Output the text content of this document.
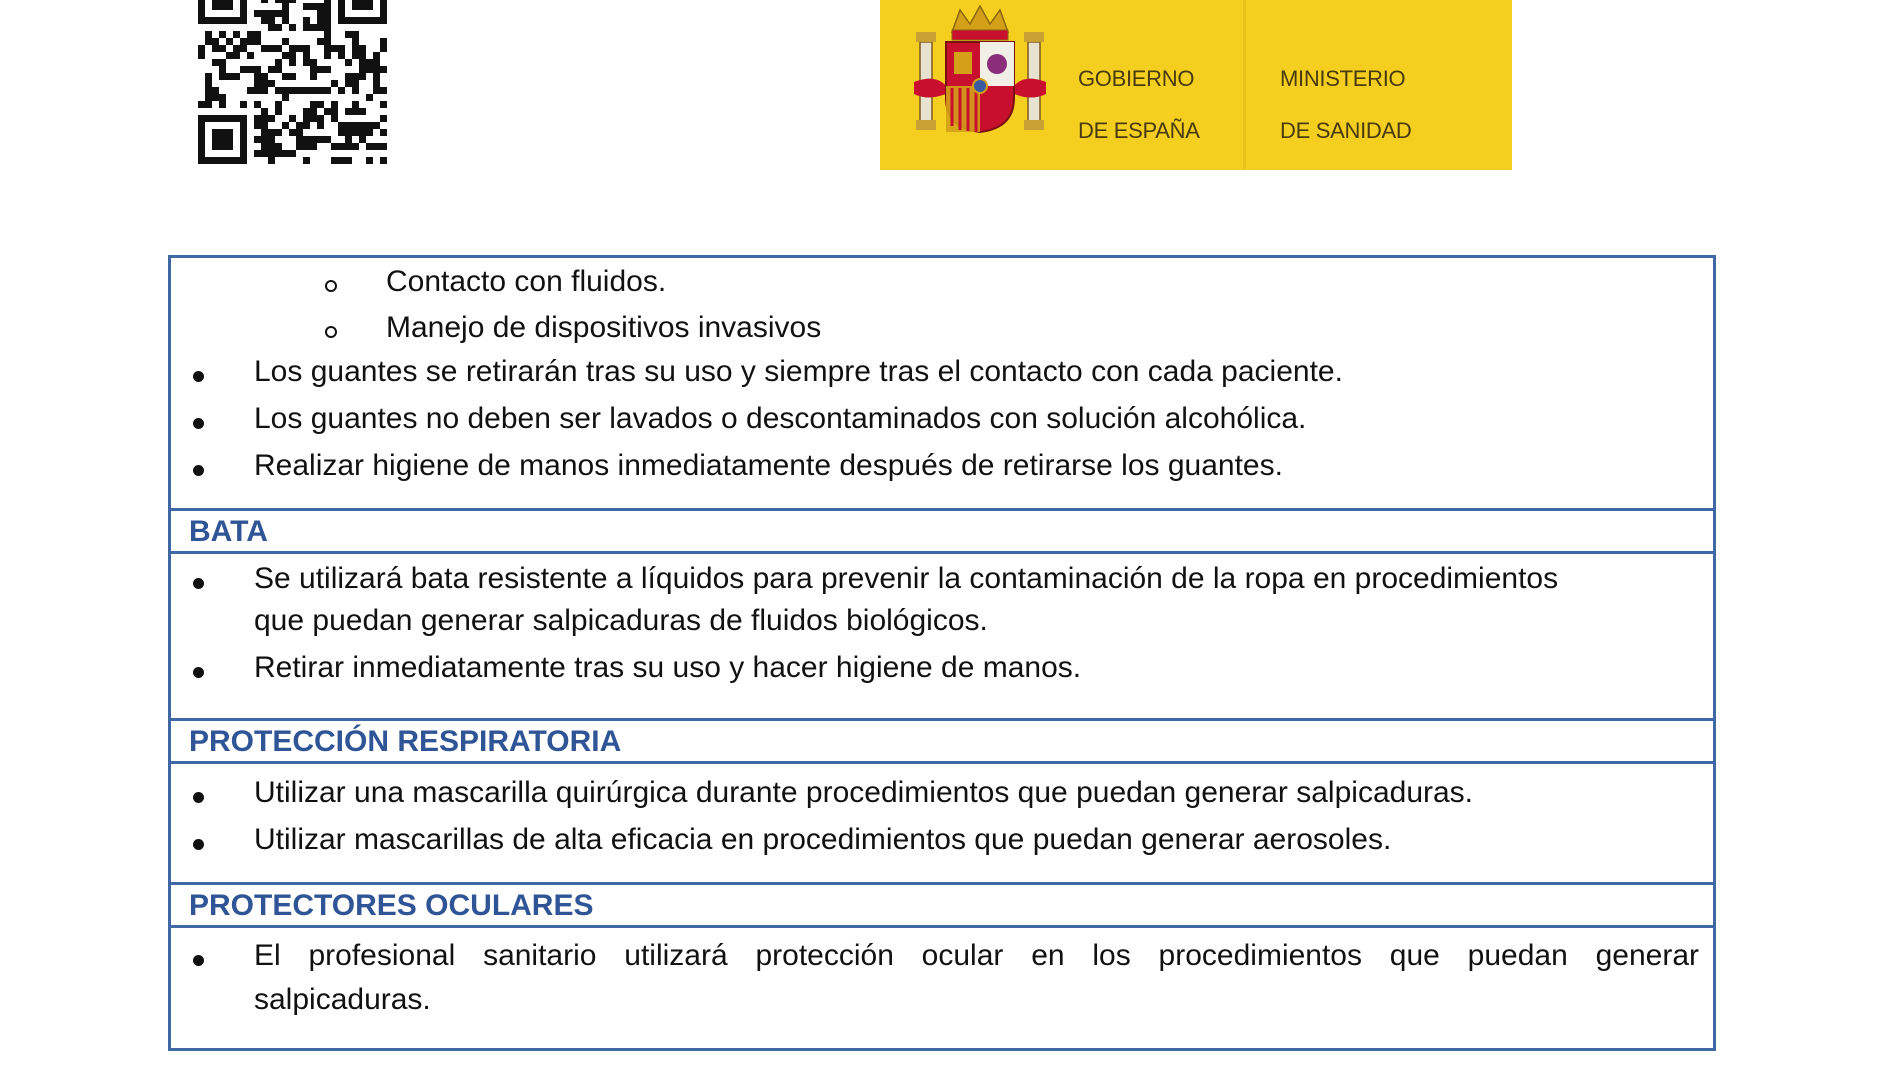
GOBIERNO

DE ESPAÑA

MINISTERIO

DE SANIDAD

Contacto con fluidos.
Manejo de dispositivos invasivos
Los guantes se retirarán tras su uso y siempre tras el contacto con cada paciente.
Los guantes no deben ser lavados o descontaminados con solución alcohólica.
Realizar higiene de manos inmediatamente después de retirarse los guantes.
BATA
Se utilizará bata resistente a líquidos para prevenir la contaminación de la ropa en procedimientos
que puedan generar salpicaduras de fluidos biológicos.
Retirar inmediatamente tras su uso y hacer higiene de manos.
PROTECCIÓN RESPIRATORIA
Utilizar una mascarilla quirúrgica durante procedimientos que puedan generar salpicaduras.
Utilizar mascarillas de alta eficacia en procedimientos que puedan generar aerosoles.
PROTECTORES OCULARES
El profesional sanitario utilizará protección ocular en los procedimientos que puedan generar
salpicaduras.
